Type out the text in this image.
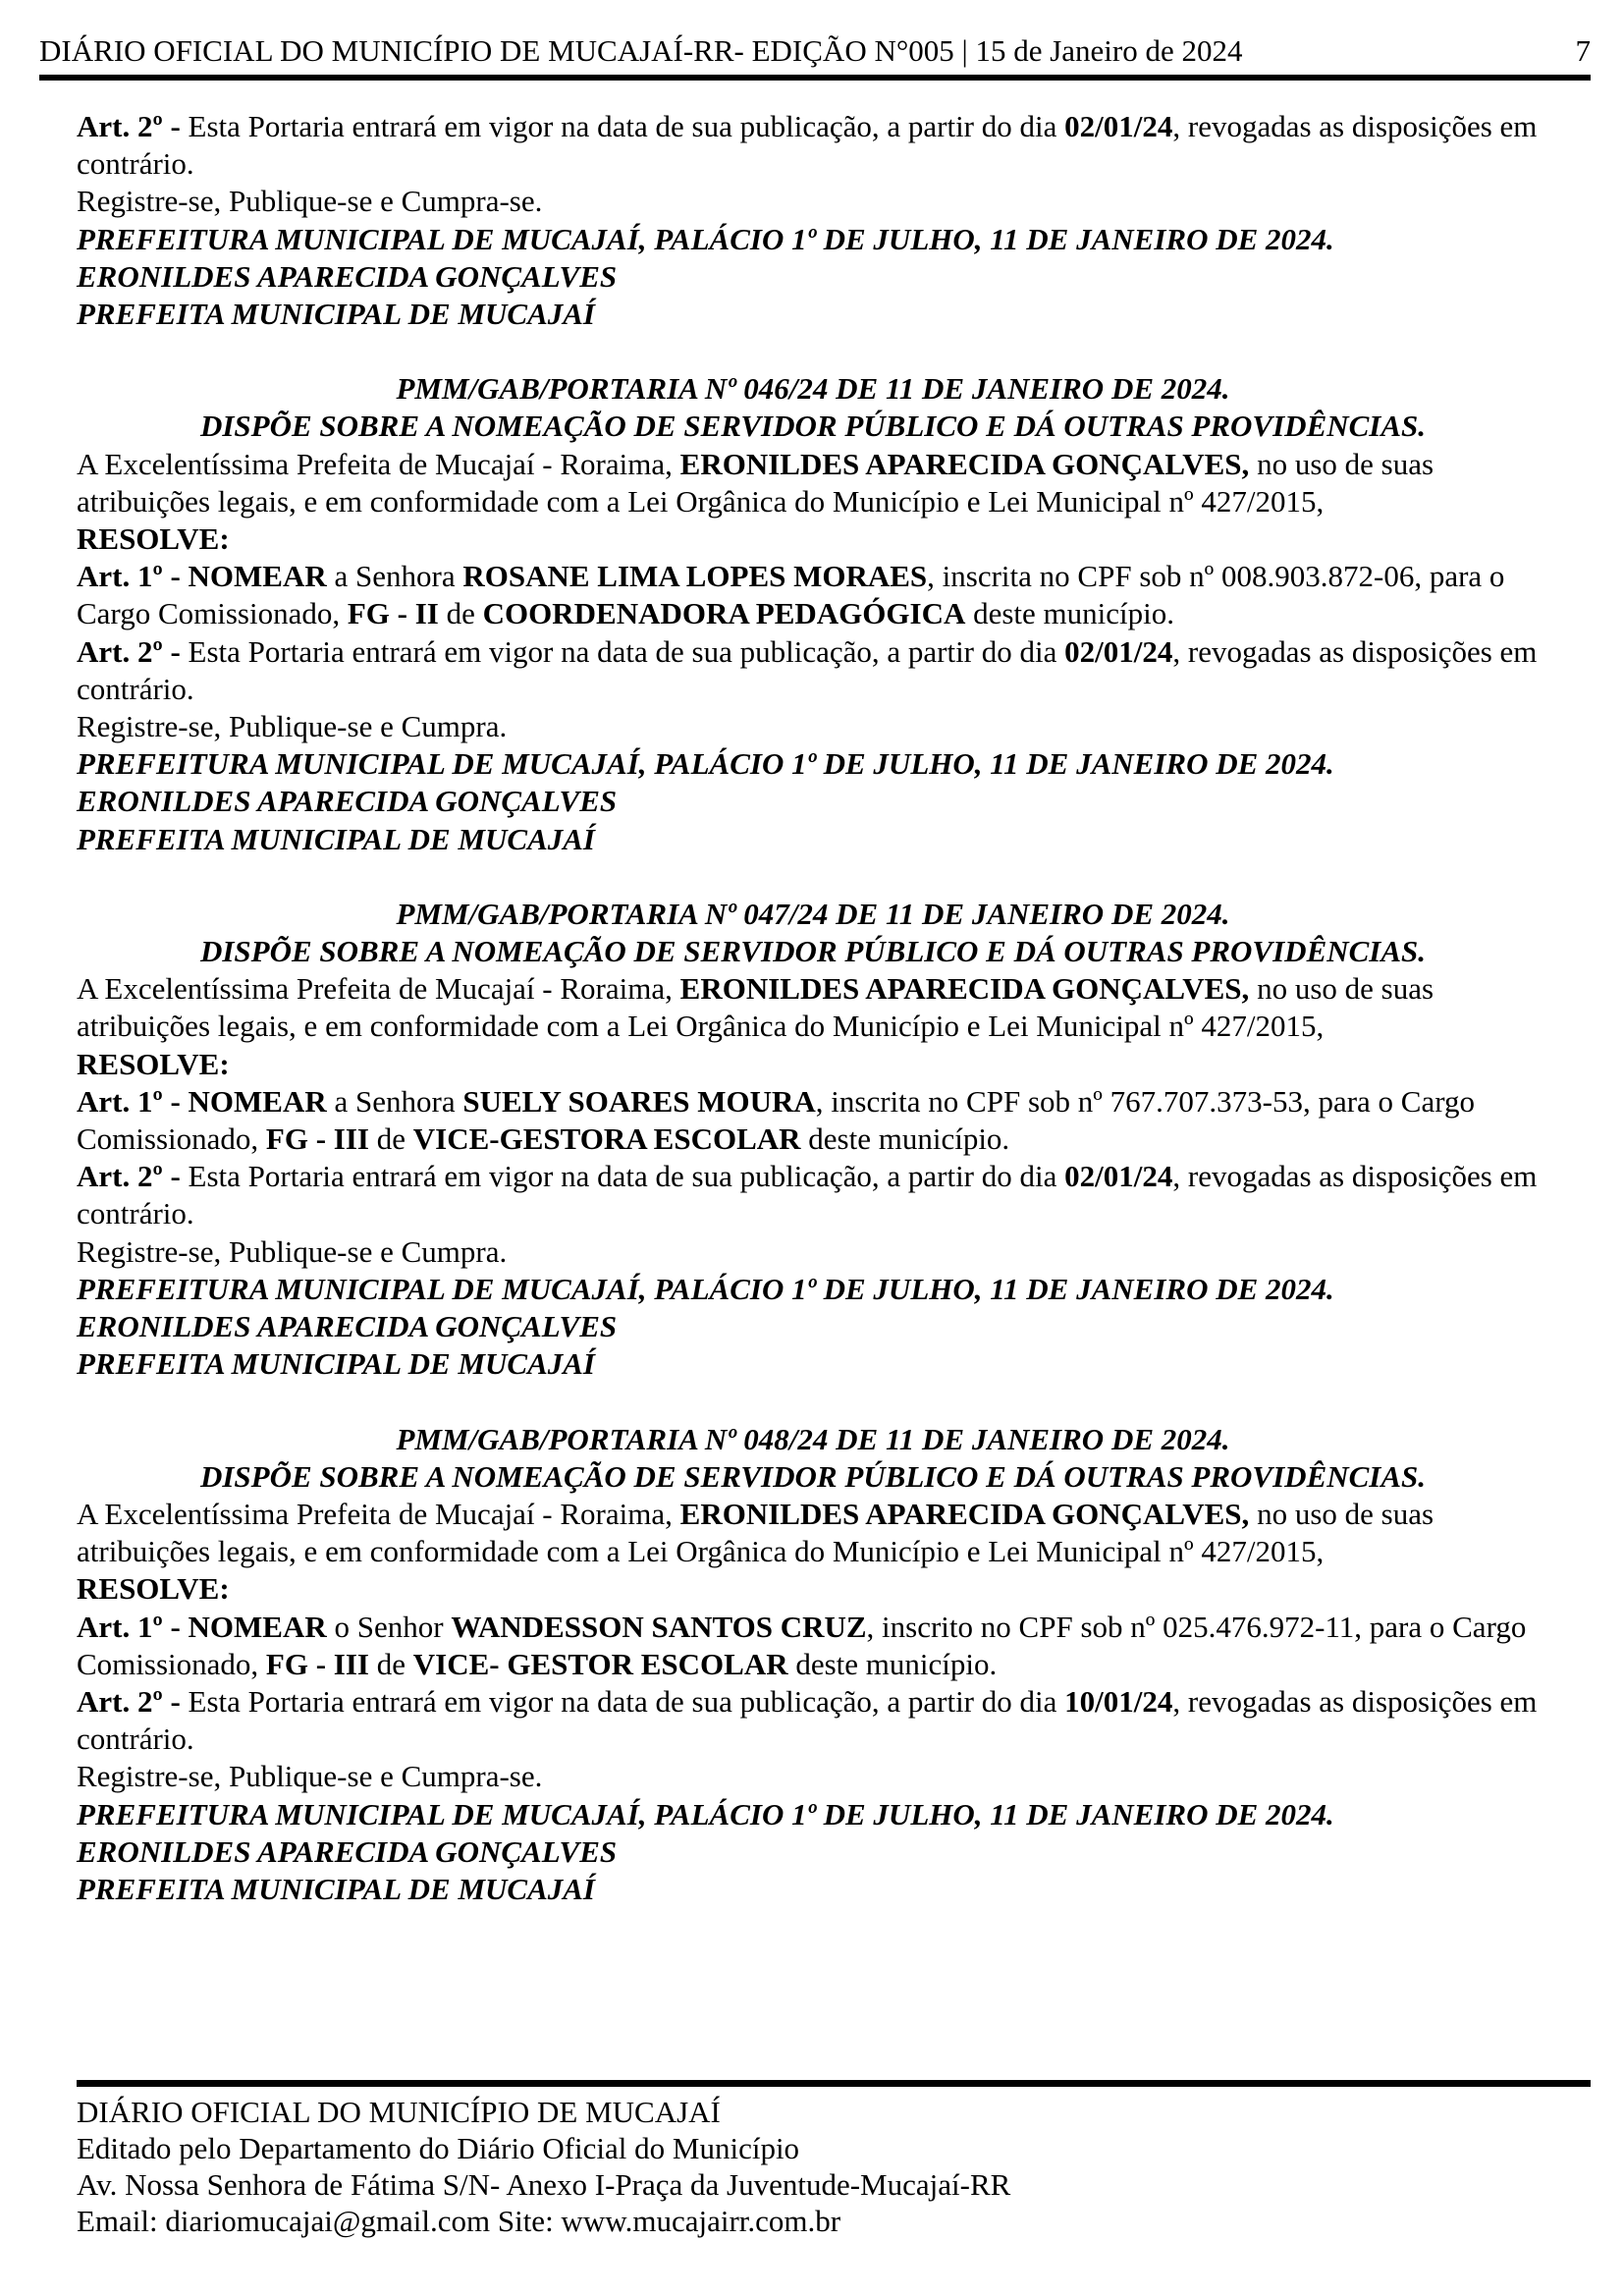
DIÁRIO OFICIAL DO MUNICÍPIO DE MUCAJAÍ-RR- EDIÇÃO N°005 | 15 de Janeiro de 2024	7

Art. 2º - Esta Portaria entrará em vigor na data de sua publicação, a partir do dia 02/01/24, revogadas as disposições em contrário.

Registre-se, Publique-se e Cumpra-se.

PREFEITURA MUNICIPAL DE MUCAJAÍ, PALÁCIO 1º DE JULHO, 11 DE JANEIRO DE 2024.

ERONILDES APARECIDA GONÇALVES

PREFEITA MUNICIPAL DE MUCAJAÍ

PMM/GAB/PORTARIA Nº 046/24 DE 11 DE JANEIRO DE 2024.

DISPÕE SOBRE A NOMEAÇÃO DE SERVIDOR PÚBLICO E DÁ OUTRAS PROVIDÊNCIAS.

A Excelentíssima Prefeita de Mucajaí - Roraima, ERONILDES APARECIDA GONÇALVES, no uso de suas atribuições legais, e em conformidade com a Lei Orgânica do Município e Lei Municipal nº 427/2015,

RESOLVE:

Art. 1º - NOMEAR a Senhora ROSANE LIMA LOPES MORAES, inscrita no CPF sob nº 008.903.872-06, para o Cargo Comissionado, FG - II de COORDENADORA PEDAGÓGICA deste município.

Art. 2º - Esta Portaria entrará em vigor na data de sua publicação, a partir do dia 02/01/24, revogadas as disposições em contrário.

Registre-se, Publique-se e Cumpra.

PREFEITURA MUNICIPAL DE MUCAJAÍ, PALÁCIO 1º DE JULHO, 11 DE JANEIRO DE 2024.

ERONILDES APARECIDA GONÇALVES

PREFEITA MUNICIPAL DE MUCAJAÍ

PMM/GAB/PORTARIA Nº 047/24 DE 11 DE JANEIRO DE 2024.

DISPÕE SOBRE A NOMEAÇÃO DE SERVIDOR PÚBLICO E DÁ OUTRAS PROVIDÊNCIAS.

A Excelentíssima Prefeita de Mucajaí - Roraima, ERONILDES APARECIDA GONÇALVES, no uso de suas atribuições legais, e em conformidade com a Lei Orgânica do Município e Lei Municipal nº 427/2015,

RESOLVE:

Art. 1º - NOMEAR a Senhora SUELY SOARES MOURA, inscrita no CPF sob nº 767.707.373-53, para o Cargo Comissionado, FG - III de VICE-GESTORA ESCOLAR deste município.

Art. 2º - Esta Portaria entrará em vigor na data de sua publicação, a partir do dia 02/01/24, revogadas as disposições em contrário.

Registre-se, Publique-se e Cumpra.

PREFEITURA MUNICIPAL DE MUCAJAÍ, PALÁCIO 1º DE JULHO, 11 DE JANEIRO DE 2024.

ERONILDES APARECIDA GONÇALVES

PREFEITA MUNICIPAL DE MUCAJAÍ

PMM/GAB/PORTARIA Nº 048/24 DE 11 DE JANEIRO DE 2024.

DISPÕE SOBRE A NOMEAÇÃO DE SERVIDOR PÚBLICO E DÁ OUTRAS PROVIDÊNCIAS.

A Excelentíssima Prefeita de Mucajaí - Roraima, ERONILDES APARECIDA GONÇALVES, no uso de suas atribuições legais, e em conformidade com a Lei Orgânica do Município e Lei Municipal nº 427/2015,

RESOLVE:

Art. 1º - NOMEAR o Senhor WANDESSON SANTOS CRUZ, inscrito no CPF sob nº 025.476.972-11, para o Cargo Comissionado, FG - III de VICE- GESTOR ESCOLAR deste município.

Art. 2º - Esta Portaria entrará em vigor na data de sua publicação, a partir do dia 10/01/24, revogadas as disposições em contrário.

Registre-se, Publique-se e Cumpra-se.

PREFEITURA MUNICIPAL DE MUCAJAÍ, PALÁCIO 1º DE JULHO, 11 DE JANEIRO DE 2024.

ERONILDES APARECIDA GONÇALVES

PREFEITA MUNICIPAL DE MUCAJAÍ

DIÁRIO OFICIAL DO MUNICÍPIO DE MUCAJAÍ

Editado pelo Departamento do Diário Oficial do Município

Av. Nossa Senhora de Fátima S/N- Anexo I-Praça da Juventude-Mucajaí-RR

Email: diariomucajai@gmail.com Site: www.mucajairr.com.br
